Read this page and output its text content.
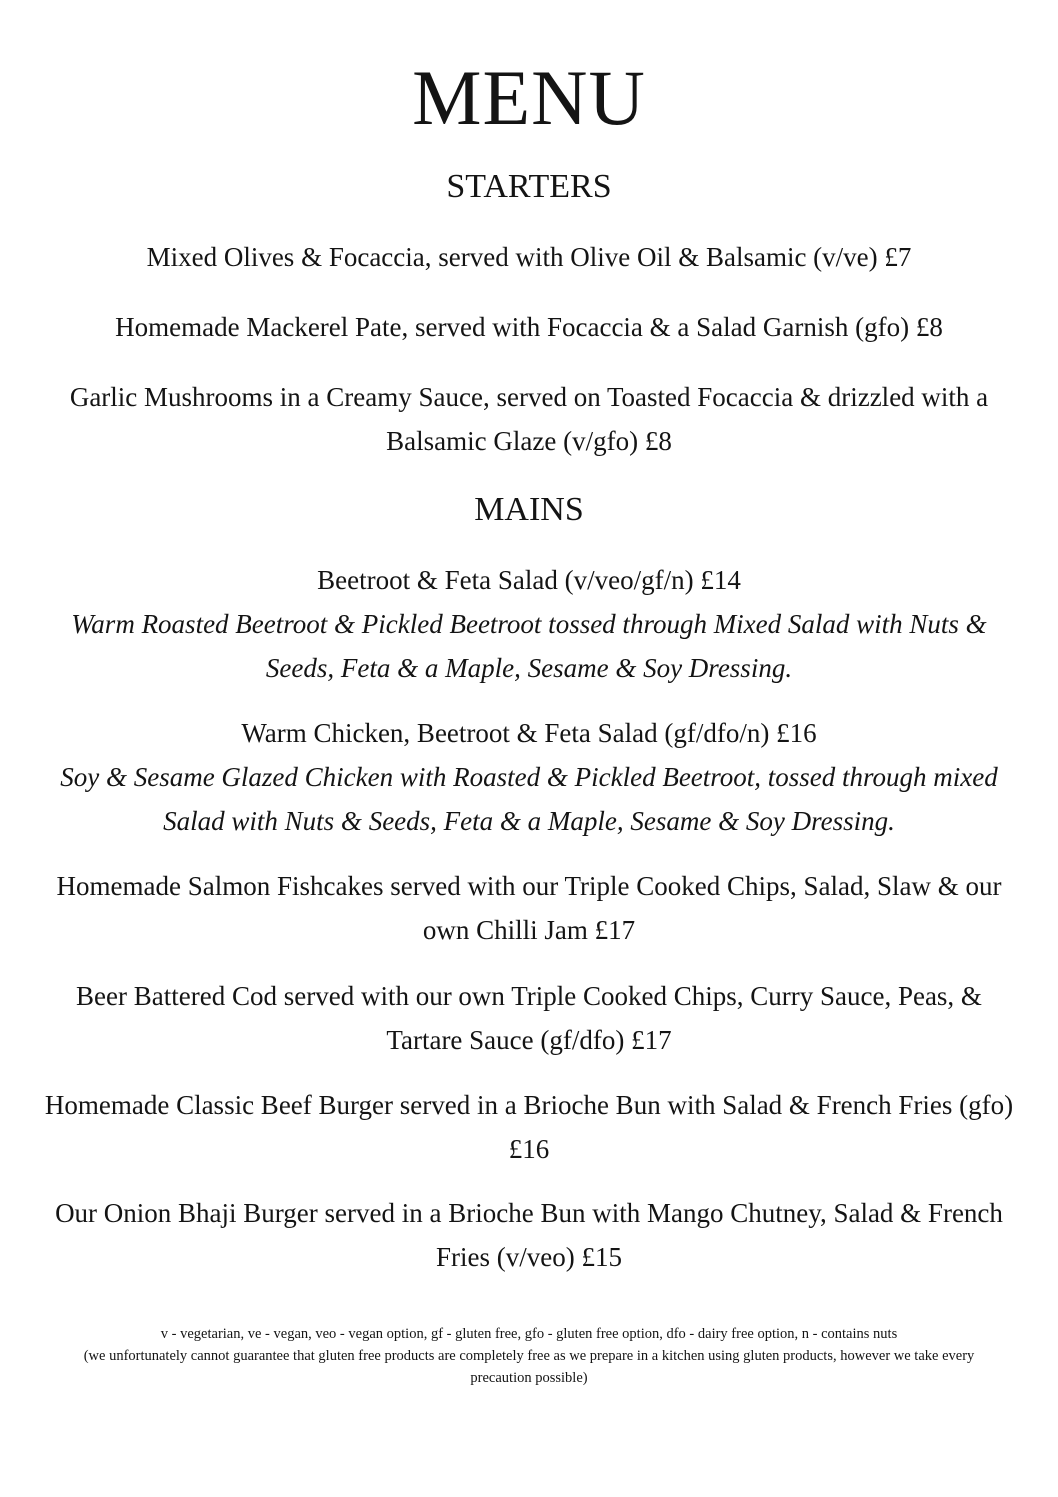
MENU
STARTERS

Mixed Olives & Focaccia, served with Olive Oil & Balsamic (v/ve) £7

Homemade Mackerel Pate, served with Focaccia & a Salad Garnish (gfo) £8

Garlic Mushrooms in a Creamy Sauce, served on Toasted Focaccia & drizzled with a Balsamic Glaze (v/gfo) £8

MAINS
Beetroot & Feta Salad (v/veo/gf/n) £14
Warm Roasted Beetroot & Pickled Beetroot tossed through Mixed Salad with Nuts & Seeds, Feta & a Maple, Sesame & Soy Dressing.
Warm Chicken, Beetroot & Feta Salad (gf/dfo/n) £16
Soy & Sesame Glazed Chicken with Roasted & Pickled Beetroot, tossed through mixed Salad with Nuts & Seeds, Feta & a Maple, Sesame & Soy Dressing.

Homemade Salmon Fishcakes served with our Triple Cooked Chips, Salad, Slaw & our own Chilli Jam £17

Beer Battered Cod served with our own Triple Cooked Chips, Curry Sauce, Peas, & Tartare Sauce (gf/dfo) £17

Homemade Classic Beef Burger served in a Brioche Bun with Salad & French Fries (gfo) £16

Our Onion Bhaji Burger served in a Brioche Bun with Mango Chutney, Salad & French Fries (v/veo) £15

v - vegetarian, ve - vegan, veo - vegan option, gf - gluten free, gfo - gluten free option, dfo - dairy free option, n - contains nuts
(we unfortunately cannot guarantee that gluten free products are completely free as we prepare in a kitchen using gluten products, however we take every precaution possible)
